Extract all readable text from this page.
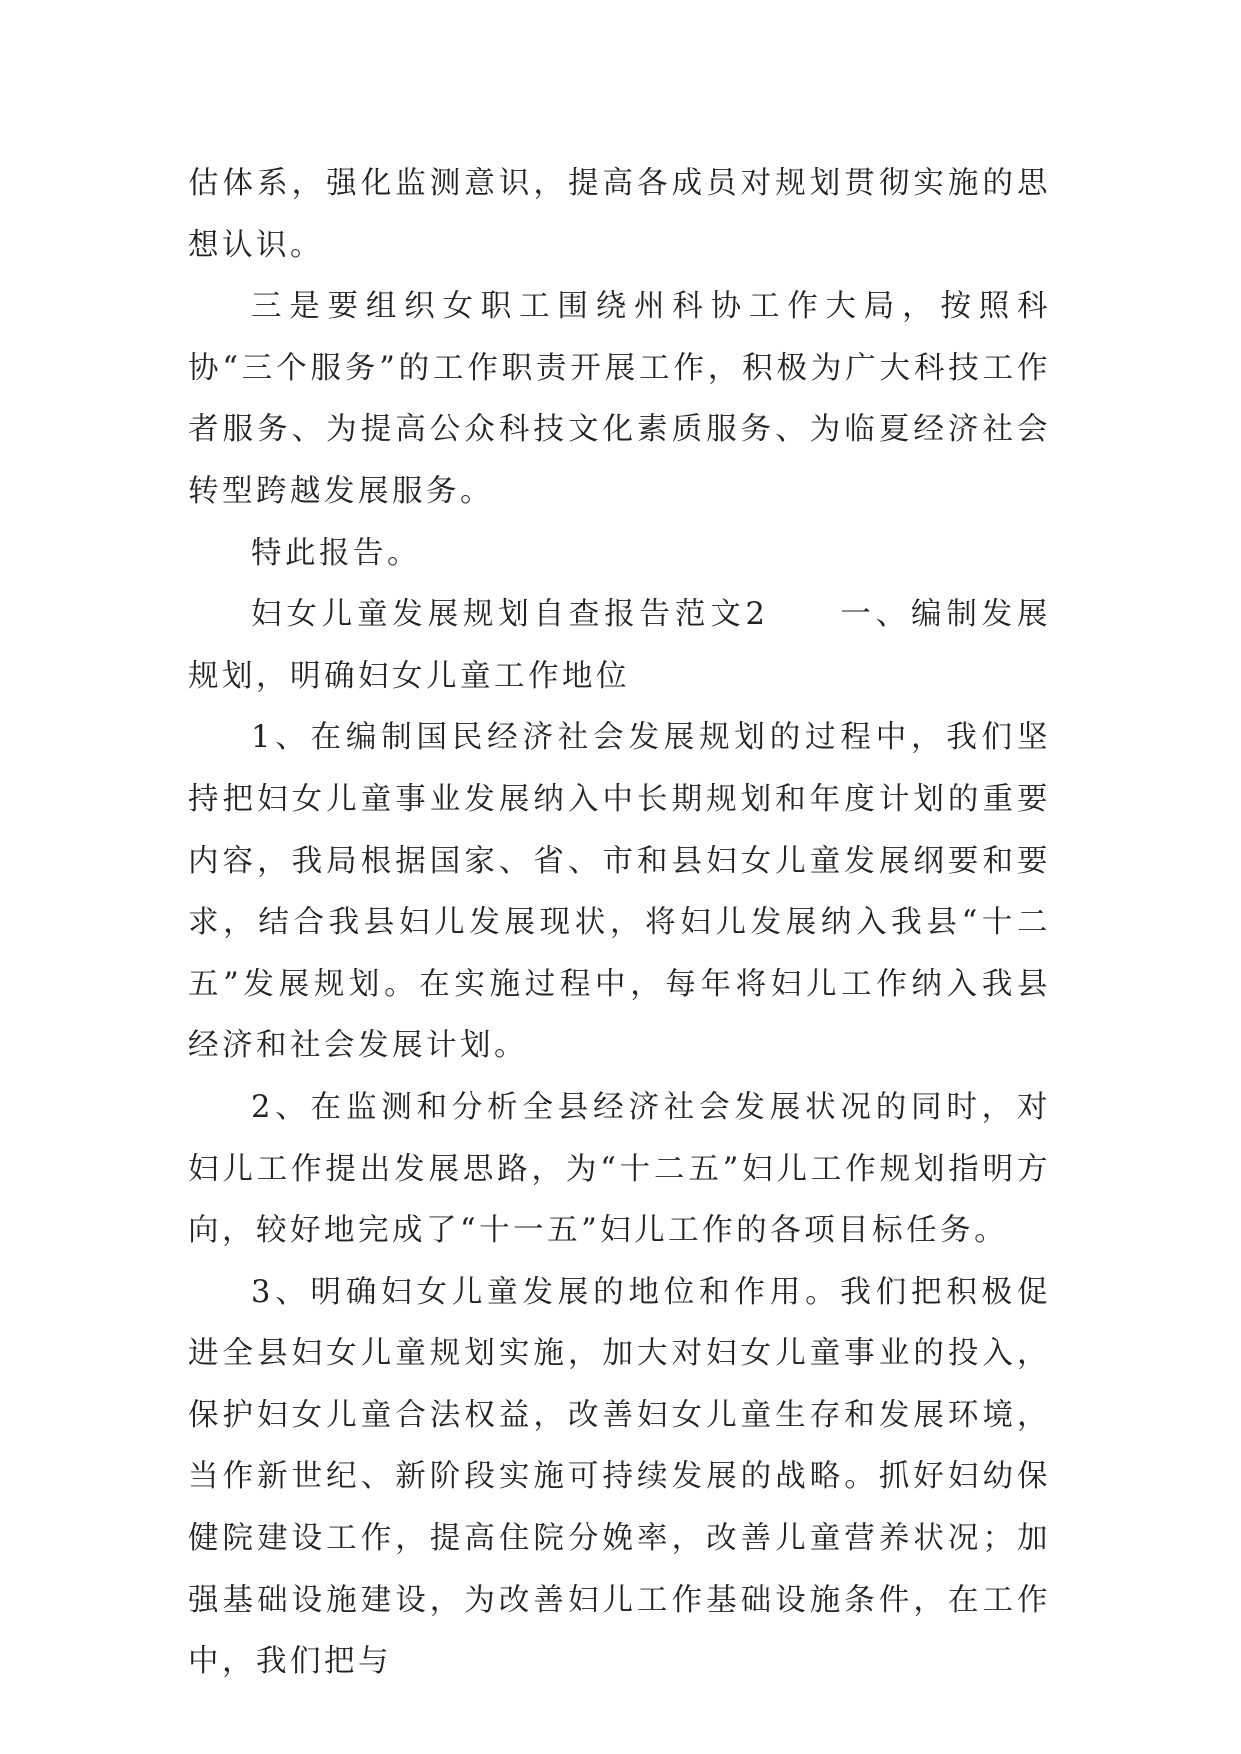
估体系，强化监测意识，提高各成员对规划贯彻实施的思想认识。

三是要组织女职工围绕州科协工作大局，按照科协“三个服务”的工作职责开展工作，积极为广大科技工作者服务、为提高公众科技文化素质服务、为临夏经济社会转型跨越发展服务。

特此报告。

妇女儿童发展规划自查报告范文2　　一、编制发展规划，明确妇女儿童工作地位

1、在编制国民经济社会发展规划的过程中，我们坚持把妇女儿童事业发展纳入中长期规划和年度计划的重要内容，我局根据国家、省、市和县妇女儿童发展纲要和要求，结合我县妇儿发展现状，将妇儿发展纳入我县“十二五”发展规划。在实施过程中，每年将妇儿工作纳入我县经济和社会发展计划。

2、在监测和分析全县经济社会发展状况的同时，对妇儿工作提出发展思路，为“十二五”妇儿工作规划指明方向，较好地完成了“十一五”妇儿工作的各项目标任务。

3、明确妇女儿童发展的地位和作用。我们把积极促进全县妇女儿童规划实施，加大对妇女儿童事业的投入，保护妇女儿童合法权益，改善妇女儿童生存和发展环境，当作新世纪、新阶段实施可持续发展的战略。抓好妇幼保健院建设工作，提高住院分娩率，改善儿童营养状况；加强基础设施建设，为改善妇儿工作基础设施条件，在工作中，我们把与
